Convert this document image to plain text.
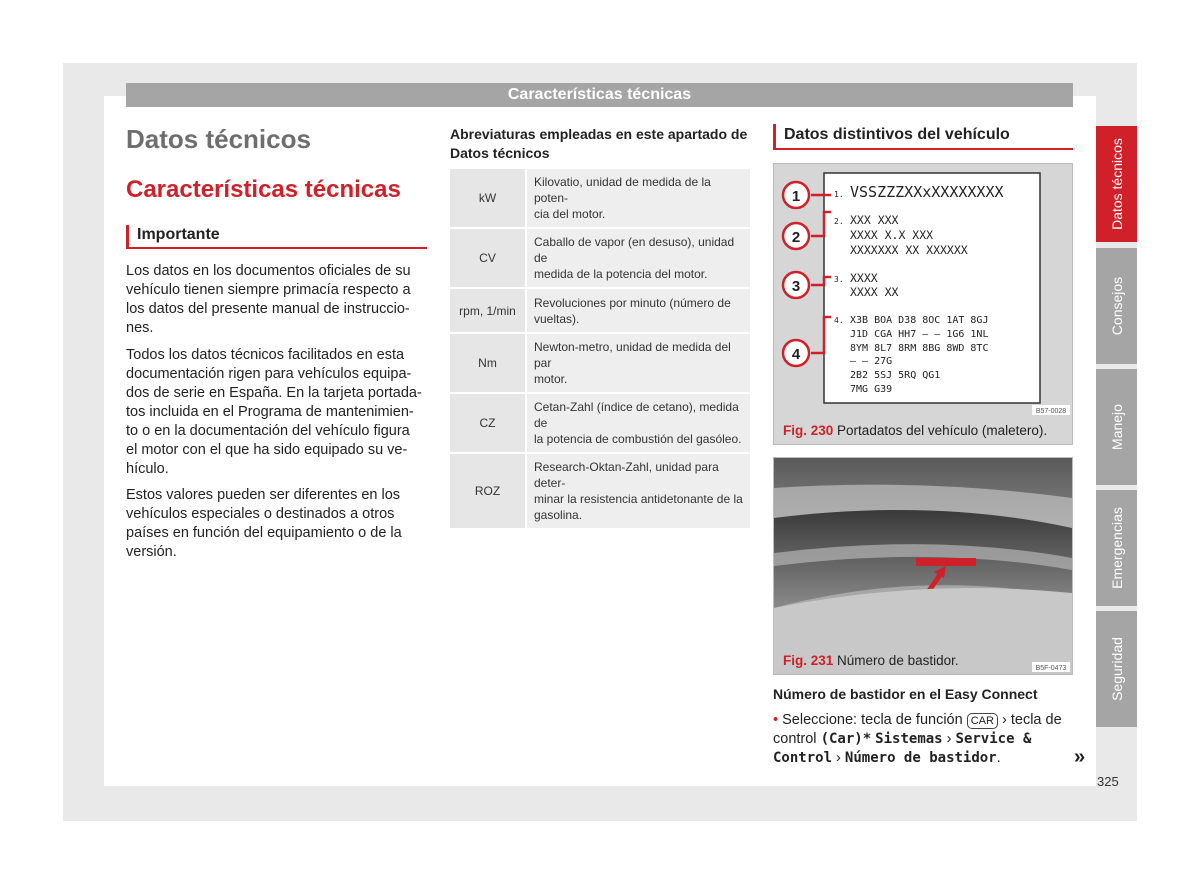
Características técnicas
Datos técnicos
Características técnicas
Importante
Los datos en los documentos oficiales de su
vehículo tienen siempre primacía respecto a
los datos del presente manual de instruccio-
nes.
Todos los datos técnicos facilitados en esta
documentación rigen para vehículos equipa-
dos de serie en España. En la tarjeta portada-
tos incluida en el Programa de mantenimien-
to o en la documentación del vehículo figura
el motor con el que ha sido equipado su ve-
hículo.
Estos valores pueden ser diferentes en los
vehículos especiales o destinados a otros
países en función del equipamiento o de la
versión.
Abreviaturas empleadas en este apartado de
Datos técnicos
kW	Kilovatio, unidad de medida de la poten-
cia del motor.
CV	Caballo de vapor (en desuso), unidad de
medida de la potencia del motor.
rpm, 1/min	Revoluciones por minuto (número de
vueltas).
Nm	Newton-metro, unidad de medida del par
motor.
CZ	Cetan-Zahl (índice de cetano), medida de
la potencia de combustión del gasóleo.
ROZ	Research-Oktan-Zahl, unidad para deter-
minar la resistencia antidetonante de la
gasolina.
Datos distintivos del vehículo
1
2
3
4
1. VSSZZZXXxXXXXXXXX
2. XXX XXX
XXXX X.X XXX
XXXXXXX XX XXXXXX
3. XXXX
XXXX XX
4. X3B BOA D38 8OC 1AT 8GJ
J1D CGA HH7 – – 1G6 1NL
8YM 8L7 8RM 8BG 8WD 8TC
– – 27G
2B2 5SJ 5RQ QG1
7MG G39
B57-0028
Fig. 230 Portadatos del vehículo (maletero).
B5F-0473
Fig. 231 Número de bastidor.
Número de bastidor en el Easy Connect
• Seleccione: tecla de función CAR › tecla de control (Car)* Sistemas › Service & Control › Número de bastidor.	»
Datos técnicos
Consejos
Manejo
Emergencias
Seguridad
325
